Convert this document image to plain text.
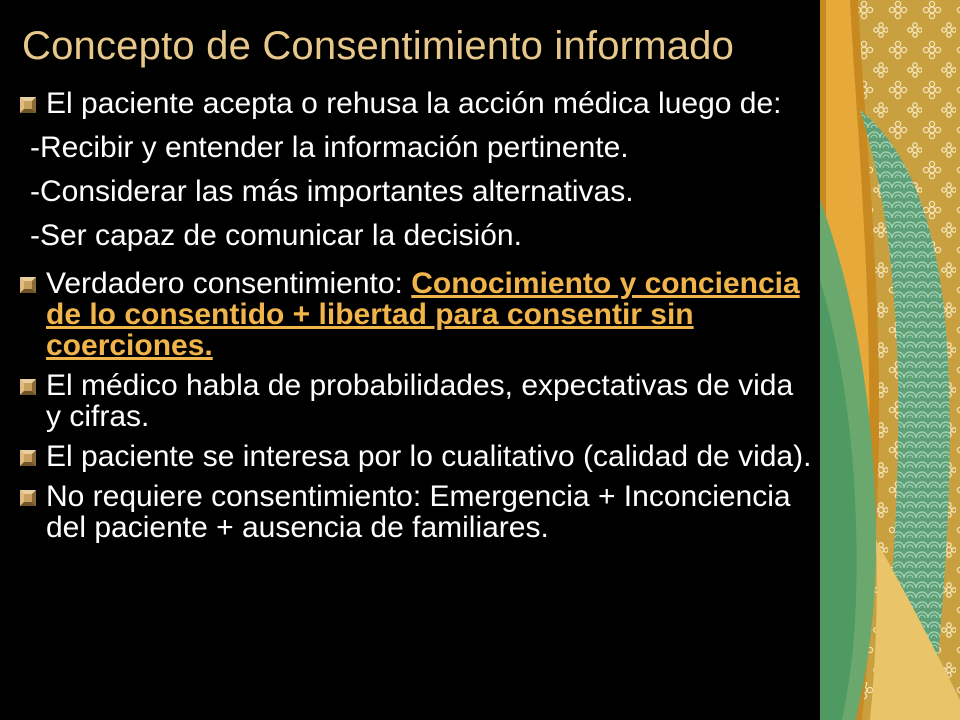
Concepto de Consentimiento informado
El paciente acepta o rehusa la acción médica luego de:
-Recibir y entender la información pertinente.
-Considerar las más importantes alternativas.
-Ser capaz de comunicar la decisión.
Verdadero consentimiento: Conocimiento y conciencia de lo consentido + libertad para consentir sin coerciones.
El médico habla de probabilidades, expectativas de vida y cifras.
El paciente se interesa por lo cualitativo (calidad de vida).
No requiere consentimiento: Emergencia + Inconciencia del paciente + ausencia de familiares.
